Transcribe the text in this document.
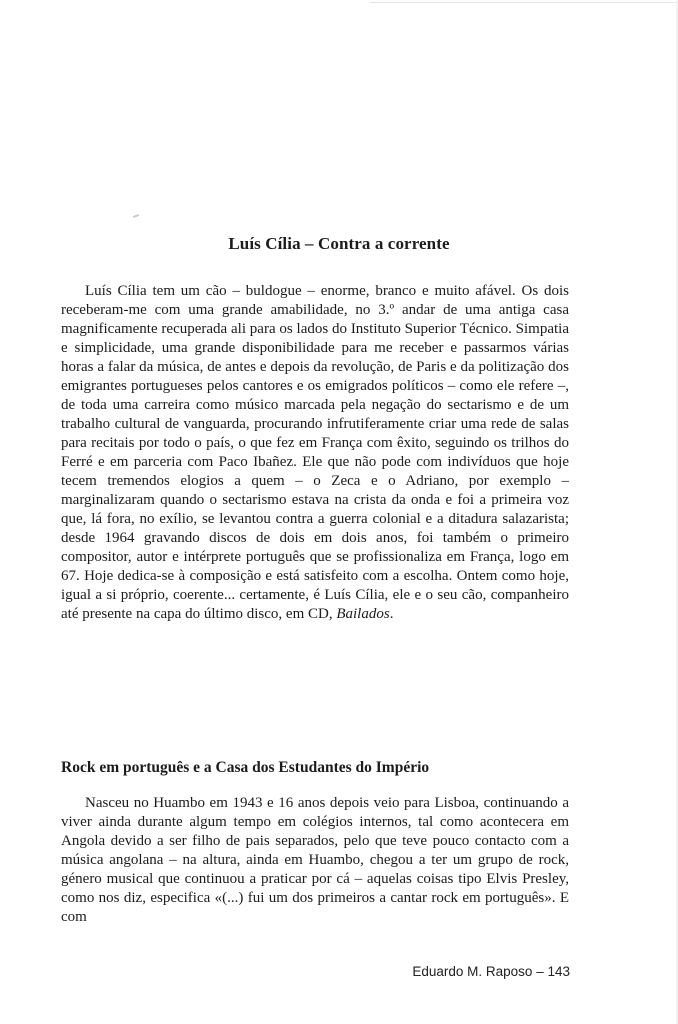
Luís Cília – Contra a corrente

Luís Cília tem um cão – buldogue – enorme, branco e muito afável. Os dois receberam-me com uma grande amabilidade, no 3.º andar de uma antiga casa magnificamente recuperada ali para os lados do Instituto Superior Técnico. Simpatia e simplicidade, uma grande disponibilidade para me receber e passarmos várias horas a falar da música, de antes e depois da revolução, de Paris e da politização dos emigrantes portugueses pelos cantores e os emigrados políticos – como ele refere –, de toda uma carreira como músico marcada pela negação do sectarismo e de um trabalho cultural de vanguarda, procurando infrutiferamente criar uma rede de salas para recitais por todo o país, o que fez em França com êxito, seguindo os trilhos do Ferré e em parceria com Paco Ibañez. Ele que não pode com indivíduos que hoje tecem tremendos elogios a quem – o Zeca e o Adriano, por exemplo – marginalizaram quando o sectarismo estava na crista da onda e foi a primeira voz que, lá fora, no exílio, se levantou contra a guerra colonial e a ditadura salazarista; desde 1964 gravando discos de dois em dois anos, foi também o primeiro compositor, autor e intérprete português que se profissionaliza em França, logo em 67. Hoje dedica-se à composição e está satisfeito com a escolha. Ontem como hoje, igual a si próprio, coerente... certamente, é Luís Cília, ele e o seu cão, companheiro até presente na capa do último disco, em CD, Bailados.

Rock em português e a Casa dos Estudantes do Império

Nasceu no Huambo em 1943 e 16 anos depois veio para Lisboa, continuando a viver ainda durante algum tempo em colégios internos, tal como acontecera em Angola devido a ser filho de pais separados, pelo que teve pouco contacto com a música angolana – na altura, ainda em Huambo, chegou a ter um grupo de rock, género musical que continuou a praticar por cá – aquelas coisas tipo Elvis Presley, como nos diz, especifica «(...) fui um dos primeiros a cantar rock em português». E com

Eduardo M. Raposo – 143
